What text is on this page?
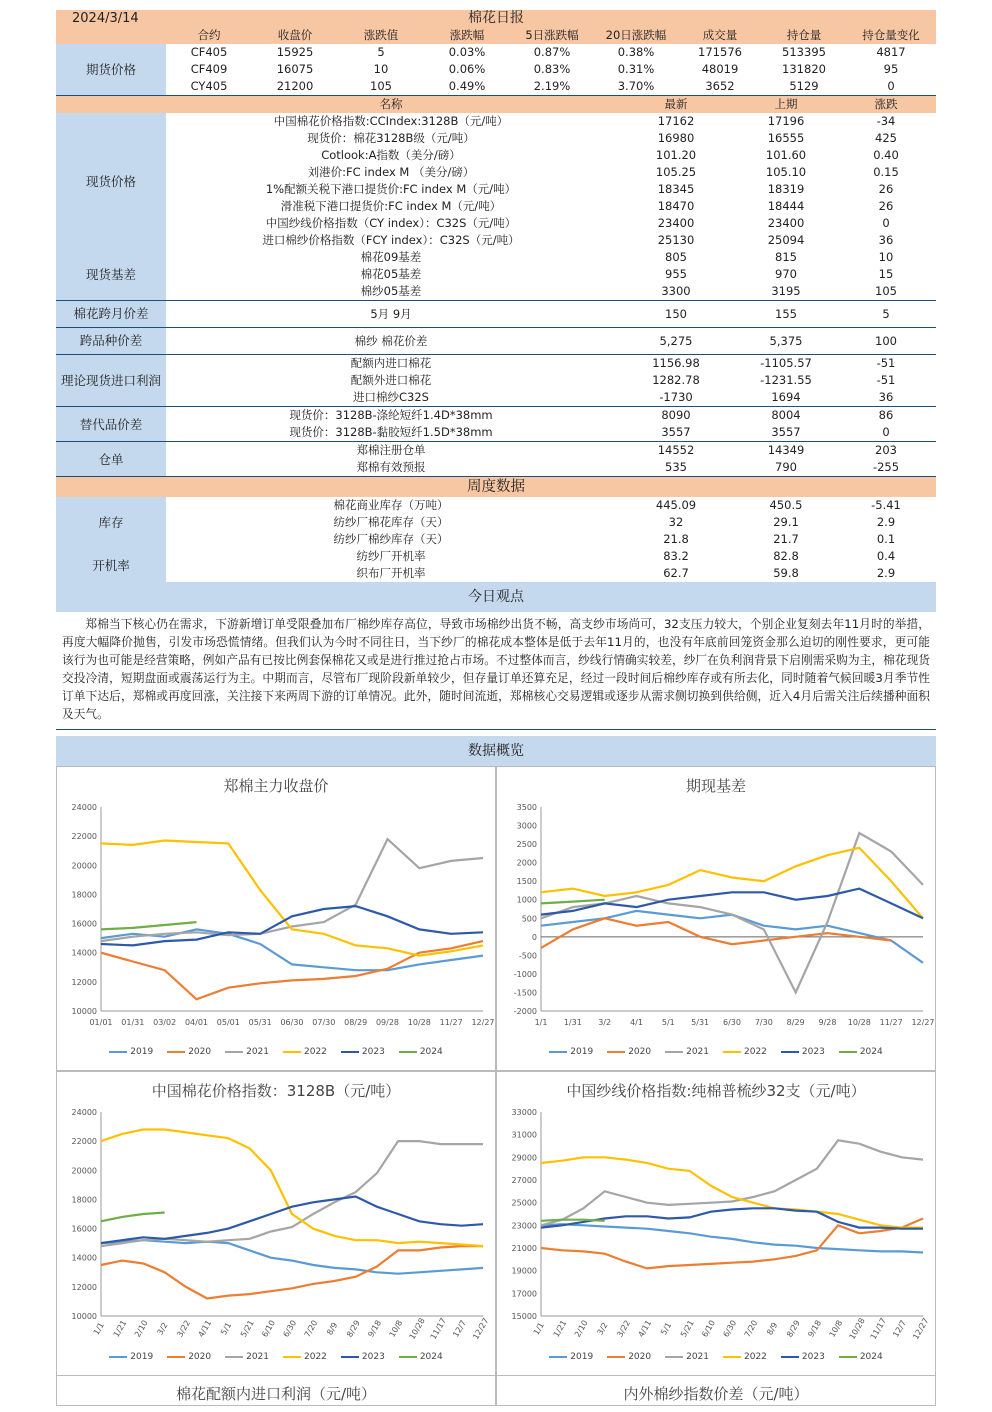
2024/3/14	棉花日报
	合约	收盘价	涨跌值	涨跌幅	5日涨跌幅	20日涨跌幅	成交量	持仓量	持仓量变化
期货价格	CF405	15925	5	0.03%	0.87%	0.38%	171576	513395	4817
	CF409	16075	10	0.06%	0.83%	0.31%	48019	131820	95
	CY405	21200	105	0.49%	2.19%	3.70%	3652	5129	0
	名称	最新	上期	涨跌
现货价格	中国棉花价格指数:CCIndex:3128B（元/吨）	17162	17196	-34
	现货价：棉花3128B级（元/吨）	16980	16555	425
	Cotlook:A指数（美分/磅）	101.20	101.60	0.40
	刘港价:FC index M （美分/磅）	105.25	105.10	0.15
	1%配额关税下港口提货价:FC index M（元/吨）	18345	18319	26
	滑准税下港口提货价:FC index M（元/吨）	18470	18444	26
	中国纱线价格指数（CY index）：C32S（元/吨）	23400	23400	0
	进口棉纱价格指数（FCY index）：C32S（元/吨）	25130	25094	36
现货基差	棉花09基差	805	815	10
	棉花05基差	955	970	15
	棉纱05基差	3300	3195	105
棉花跨月价差	5月 9月	150	155	5
跨品种价差	棉纱 棉花价差	5,275	5,375	100
理论现货进口利润	配额内进口棉花	1156.98	-1105.57	-51
	配额外进口棉花	1282.78	-1231.55	-51
	进口棉纱C32S	-1730	1694	36
替代品价差	现货价：3128B-涤纶短纤1.4D*38mm	8090	8004	86
	现货价：3128B-黏胶短纤1.5D*38mm	3557	3557	0
仓单	郑棉注册仓单	14552	14349	203
	郑棉有效预报	535	790	-255
周度数据				
库存	棉花商业库存（万吨）	445.09	450.5	-5.41
	纺纱厂棉花库存（天）	32	29.1	2.9
	纺纱厂棉纱库存（天）	21.8	21.7	0.1
开机率	纺纱厂开机率	83.2	82.8	0.4
	织布厂开机率	62.7	59.8	2.9
今日观点
郑棉当下核心仍在需求，下游新增订单受限叠加布厂棉纱库存高位，导致市场棉纱出货不畅，高支纱市场尚可，32支压力较大，个别企业复刻去年11月时的举措，再度大幅降价抛售，引发市场恐慌情绪。但我们认为今时不同往日，当下纱厂的棉花成本整体是低于去年11月的，也没有年底前回笼资金那么迫切的刚性要求，更可能该行为也可能是经营策略，例如产品有已按比例套保棉花又或是进行推过抢占市场。不过整体而言，纱线行情确实较差，纱厂在负利润背景下启刚需采购为主，棉花现货交投冷清，短期盘面或震荡运行为主。中期而言，尽管布厂现阶段新单较少，但存量订单还算充足，经过一段时间后棉纱库存或有所去化，同时随着气候回暖3月季节性订单下达后，郑棉或再度回涨，关注接下来两周下游的订单情况。此外，随时间流逝，郑棉核心交易逻辑或逐步从需求侧切换到供给侧，近入4月后需关注后续播种面积及天气。
数据概览
郑棉主力收盘价
10000
12000
14000
16000
18000
20000
22000
24000
01/01 01/31 03/02 04/01 05/01 05/31 06/30 07/30 08/29 09/28 10/28 11/27 12/27
2019	2020	2021	2022	2023	2024
期现基差
-2000
-1500
-1000
-500
0
500
1000
1500
2000
2500
3000
3500
1/1 1/31 3/2 4/1 5/1 5/31 6/30 7/30 8/29 9/28 10/28 11/27 12/27
2019	2020	2021	2022	2023	2024
中国棉花价格指数：3128B（元/吨）
10000
12000
14000
16000
18000
20000
22000
24000
1/1 1/21 2/10 3/2 3/22 4/11 5/1 5/21 6/10 6/30 7/20 8/9 8/29 9/18 10/8 10/28 11/17 12/7 12/27
2019	2020	2021	2022	2023	2024
中国纱线价格指数:纯棉普梳纱32支（元/吨）
15000
17000
19000
21000
23000
25000
27000
29000
31000
33000
1/1 1/21 2/10 3/2 3/22 4/11 5/1 5/21 6/10 6/30 7/20 8/9 8/29 9/18 10/8 10/28 11/17 12/7 12/27
2019	2020	2021	2022	2023	2024
棉花配额内进口利润（元/吨）	内外棉纱指数价差（元/吨）
